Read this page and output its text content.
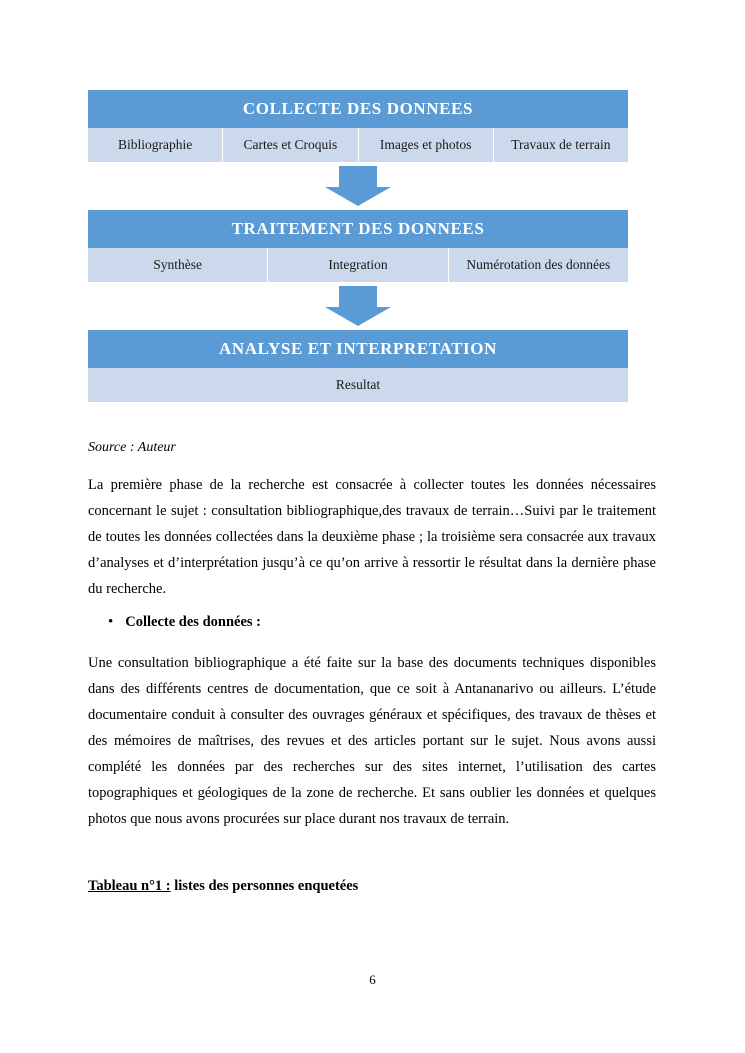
COLLECTE DES DONNEES
Bibliographie	Cartes et Croquis	Images et photos	Travaux de terrain
TRAITEMENT DES DONNEES
Synthèse	Integration	Numérotation des données
ANALYSE ET INTERPRETATION
Resultat
Source : Auteur
La première phase de la recherche est consacrée à collecter toutes les données nécessaires concernant le sujet : consultation bibliographique,des travaux de terrain…Suivi par le traitement de toutes les données collectées dans la deuxième phase ; la troisième sera consacrée aux travaux d’analyses et d’interprétation jusqu’à ce qu’on arrive à ressortir le résultat dans la dernière phase du recherche.
• Collecte des données :
Une consultation bibliographique a été faite sur la base des documents techniques disponibles dans des différents centres de documentation, que ce soit à Antananarivo ou ailleurs. L’étude documentaire conduit à consulter des ouvrages généraux et spécifiques, des travaux de thèses et des mémoires de maîtrises, des revues et des articles portant sur le sujet. Nous avons aussi complété les données par des recherches sur des sites internet, l’utilisation des cartes topographiques et géologiques de la zone de recherche. Et sans oublier les données et quelques photos que nous avons procurées sur place durant nos travaux de terrain.
Tableau n°1 : listes des personnes enquetées
6
